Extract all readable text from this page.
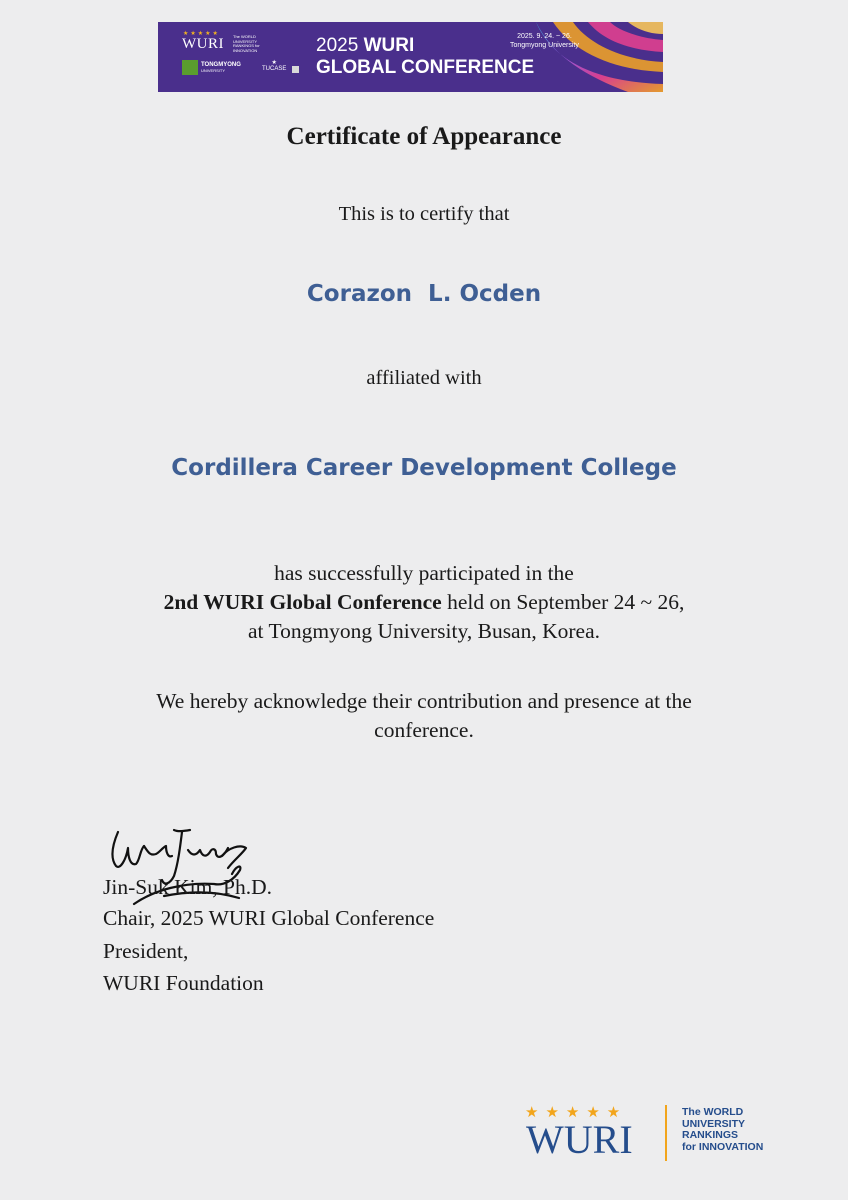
★★★★★
WURI The WORLD UNIVERSITY RANKINGS for INNOVATION
TONGMYONG
UNIVERSITY
★
TUCASE
2025 WURI
GLOBAL CONFERENCE
2025. 9. 24. ~ 26.
Tongmyong University
Certificate of Appearance
This is to certify that
Corazon  L. Ocden
affiliated with
Cordillera Career Development College
has successfully participated in the
2nd WURI Global Conference held on September 24 ~ 26,
at Tongmyong University, Busan, Korea.
We hereby acknowledge their contribution and presence at the
conference.
Jin-Suk Kim, Ph.D.
Chair, 2025 WURI Global Conference
President,
WURI Foundation
★★★★★
WURI
The WORLD
UNIVERSITY
RANKINGS
for INNOVATION
